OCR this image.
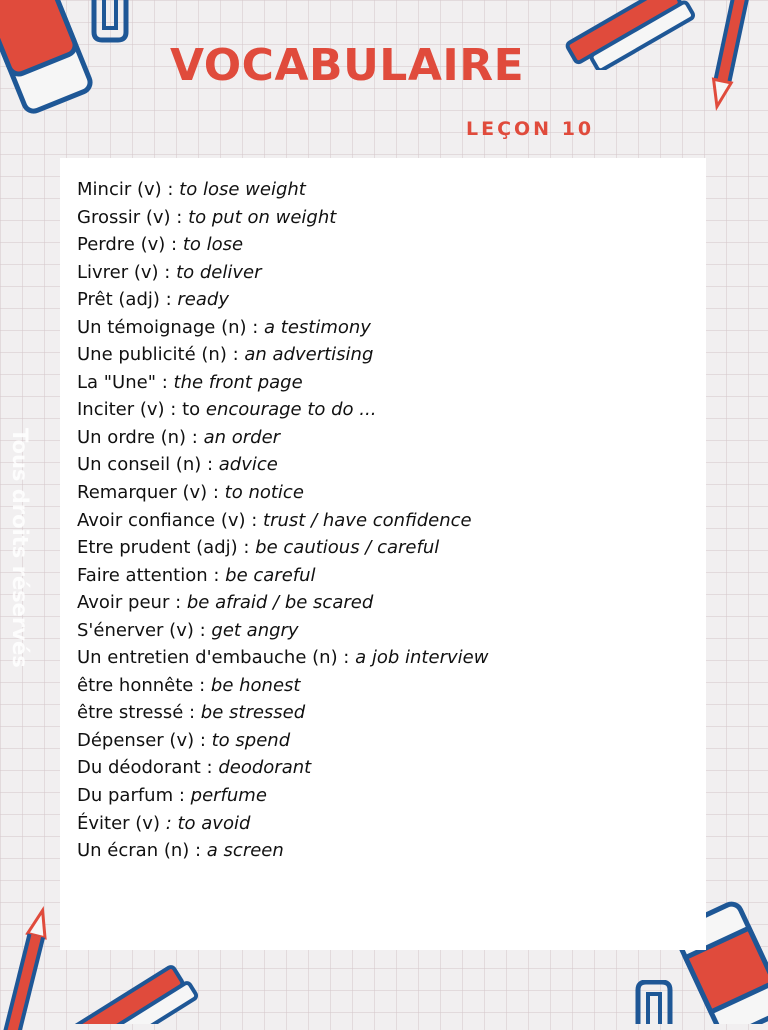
VOCABULAIRE
LEÇON 10
Tous droits réservés
Mincir (v) : to lose weight
Grossir (v) : to put on weight
Perdre (v) : to lose
Livrer (v) : to deliver
Prêt (adj) : ready
Un témoignage (n) : a testimony
Une publicité (n) : an advertising
La "Une" : the front page
Inciter (v) : to encourage to do ...
Un ordre (n) : an order
Un conseil (n) : advice
Remarquer (v) : to notice
Avoir confiance (v) : trust / have confidence
Etre prudent (adj) : be cautious / careful
Faire attention : be careful
Avoir peur : be afraid / be scared
S'énerver (v) : get angry
Un entretien d'embauche (n) : a job interview
être honnête : be honest
être stressé : be stressed
Dépenser (v) : to spend
Du déodorant : deodorant
Du parfum : perfume
Éviter (v) : to avoid
Un écran (n) : a screen
